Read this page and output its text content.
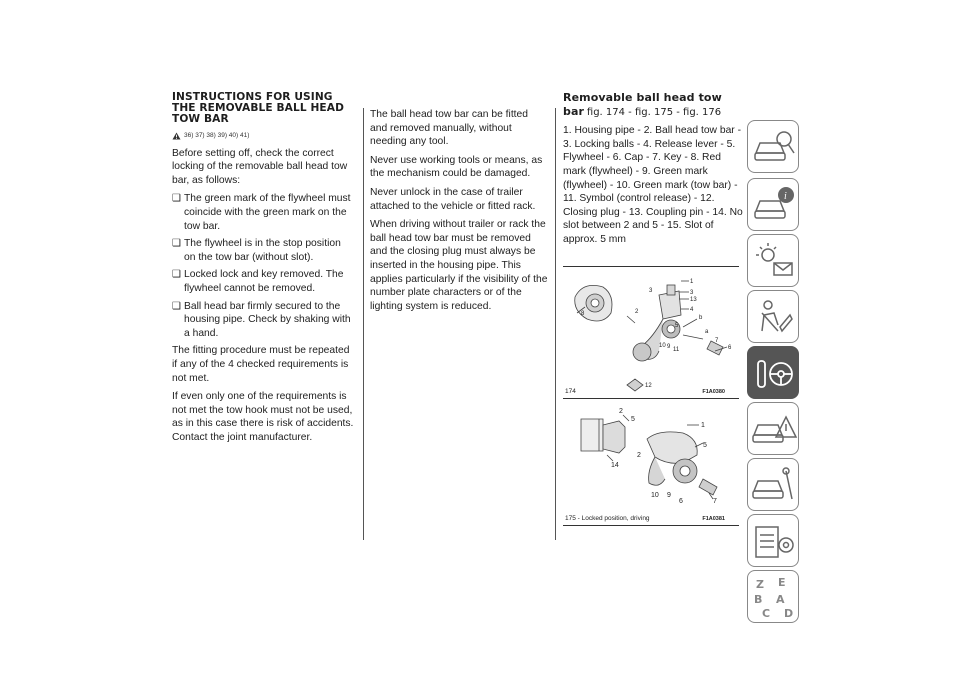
INSTRUCTIONS FOR USING THE REMOVABLE BALL HEAD TOW BAR
36) 37) 38) 39) 40) 41)

Before setting off, check the correct locking of the removable ball head tow bar, as follows:

❑ The green mark of the flywheel must coincide with the green mark on the tow bar.
❑ The flywheel is in the stop position on the tow bar (without slot).
❑ Locked lock and key removed. The flywheel cannot be removed.
❑ Ball head bar firmly secured to the housing pipe. Check by shaking with a hand.

The fitting procedure must be repeated if any of the 4 checked requirements is not met.

If even only one of the requirements is not met the tow hook must not be used, as in this case there is risk of accidents. Contact the joint manufacturer.

The ball head tow bar can be fitted and removed manually, without needing any tool.

Never use working tools or means, as the mechanism could be damaged.

Never unlock in the case of trailer attached to the vehicle or fitted rack.

When driving without trailer or rack the ball head tow bar must be removed and the closing plug must always be inserted in the housing pipe. This applies particularly if the visibility of the number plate characters or of the lighting system is reduced.

Removable ball head tow bar fig. 174 - fig. 175 - fig. 176

1. Housing pipe - 2. Ball head tow bar - 3. Locking balls - 4. Release lever - 5. Flywheel - 6. Cap - 7. Key - 8. Red mark (flywheel) - 9. Green mark (flywheel) - 10. Green mark (tow bar) - 11. Symbol (control release) - 12. Closing plug - 13. Coupling pin - 14. No slot between 2 and 5 - 15. Slot of approx. 5 mm

1
3	3
13
4
b
a
7
6
2
5
8
10 9 11
12
174	F1A0380
2
5
14
1
5
2
10 9
6	7
175 - Locked position, driving	F1A0381
i
Z E
B A
C D
